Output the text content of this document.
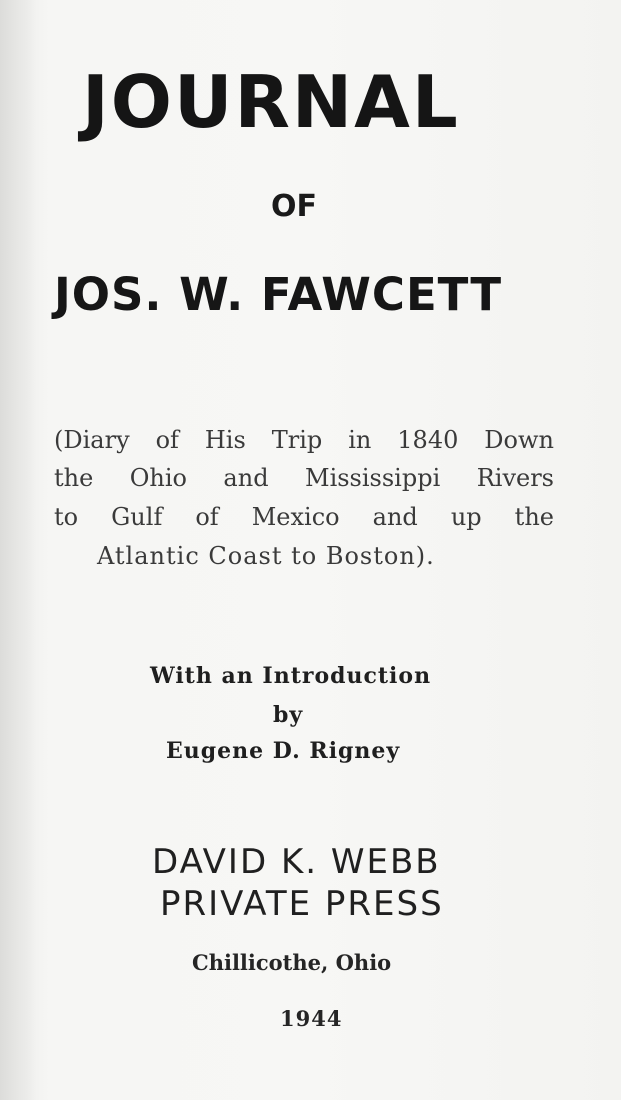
JOURNAL
OF
JOS. W. FAWCETT
(Diary of His Trip in 1840 Down
the Ohio and Mississippi Rivers
to Gulf of Mexico and up the
Atlantic Coast to Boston).
With an Introduction
by
Eugene D. Rigney
DAVID K. WEBB
PRIVATE PRESS
Chillicothe, Ohio
1944
